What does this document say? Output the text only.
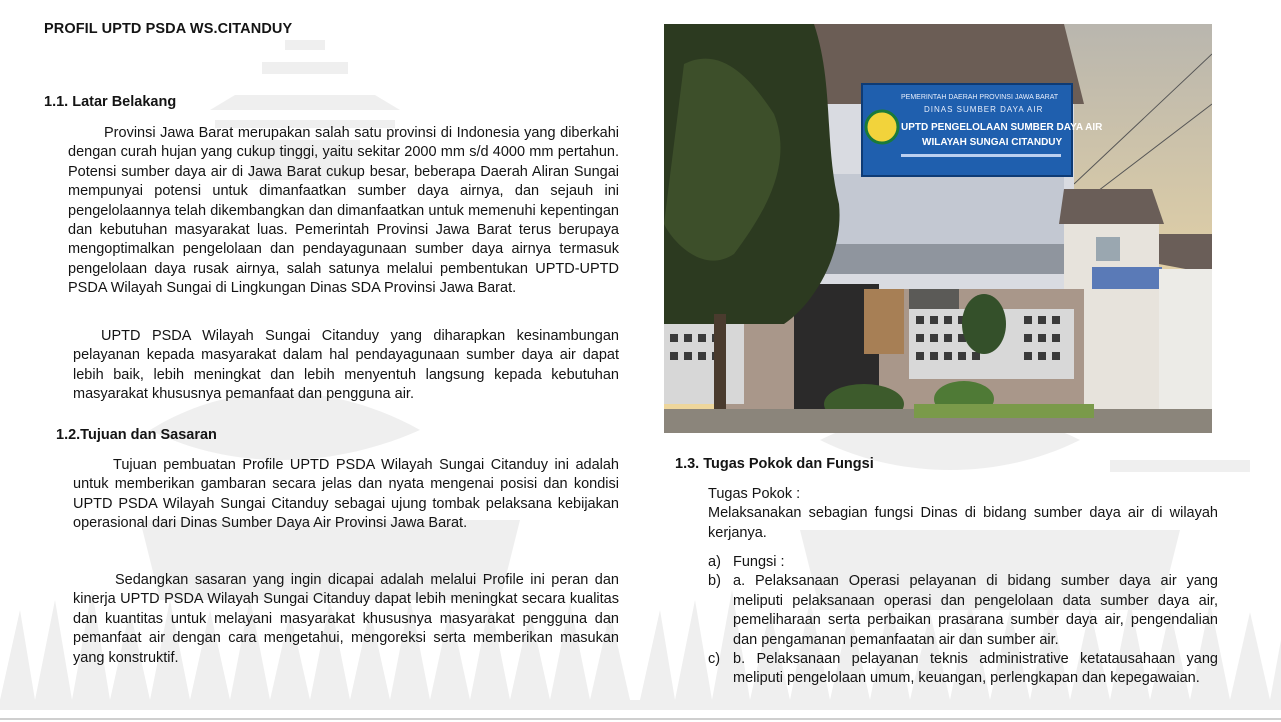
PROFIL UPTD PSDA WS.CITANDUY
1.1. Latar Belakang
Provinsi Jawa Barat merupakan salah satu provinsi di Indonesia yang diberkahi dengan curah hujan yang cukup tinggi, yaitu sekitar 2000 mm s/d 4000 mm pertahun. Potensi sumber daya air di Jawa Barat cukup besar, beberapa Daerah Aliran Sungai mempunyai potensi untuk dimanfaatkan sumber daya airnya, dan sejauh ini pengelolaannya telah dikembangkan dan dimanfaatkan untuk memenuhi kepentingan dan kebutuhan masyarakat luas. Pemerintah Provinsi Jawa Barat terus berupaya mengoptimalkan pengelolaan dan pendayagunaan sumber daya airnya termasuk pengelolaan daya rusak airnya, salah satunya melalui pembentukan UPTD-UPTD PSDA Wilayah Sungai di Lingkungan Dinas SDA Provinsi Jawa Barat.
UPTD PSDA Wilayah Sungai Citanduy yang diharapkan kesinambungan pelayanan kepada masyarakat dalam hal pendayagunaan sumber daya air dapat lebih baik, lebih meningkat dan lebih menyentuh langsung kepada kebutuhan masyarakat khususnya pemanfaat dan pengguna air.
1.2.Tujuan dan Sasaran
Tujuan pembuatan Profile UPTD PSDA Wilayah Sungai Citanduy ini adalah untuk memberikan gambaran secara jelas dan nyata mengenai posisi dan kondisi UPTD PSDA Wilayah Sungai Citanduy sebagai ujung tombak pelaksana kebijakan operasional dari Dinas Sumber Daya Air Provinsi Jawa Barat.
Sedangkan sasaran yang ingin dicapai adalah melalui Profile ini peran dan kinerja UPTD PSDA Wilayah Sungai Citanduy dapat lebih meningkat secara kualitas dan kuantitas untuk melayani masyarakat khususnya masyarakat pengguna dan pemanfaat air dengan cara mengetahui, mengoreksi serta memberikan masukan yang konstruktif.
PEMERINTAH DAERAH PROVINSI JAWA BARAT
DINAS SUMBER DAYA AIR
UPTD PENGELOLAAN SUMBER DAYA AIR
WILAYAH SUNGAI CITANDUY
1.3. Tugas Pokok dan Fungsi
Tugas Pokok :
Melaksanakan sebagian fungsi Dinas di bidang sumber daya air di wilayah kerjanya.
a) Fungsi :
b) a. Pelaksanaan Operasi pelayanan di bidang sumber daya air yang meliputi pelaksanaan operasi dan pengelolaan data sumber daya air, pemeliharaan serta perbaikan prasarana sumber daya air, pengendalian dan pengamanan pemanfaatan air dan sumber air.
c) b. Pelaksanaan pelayanan teknis administrative ketatausahaan yang meliputi pengelolaan umum, keuangan, perlengkapan dan kepegawaian.
